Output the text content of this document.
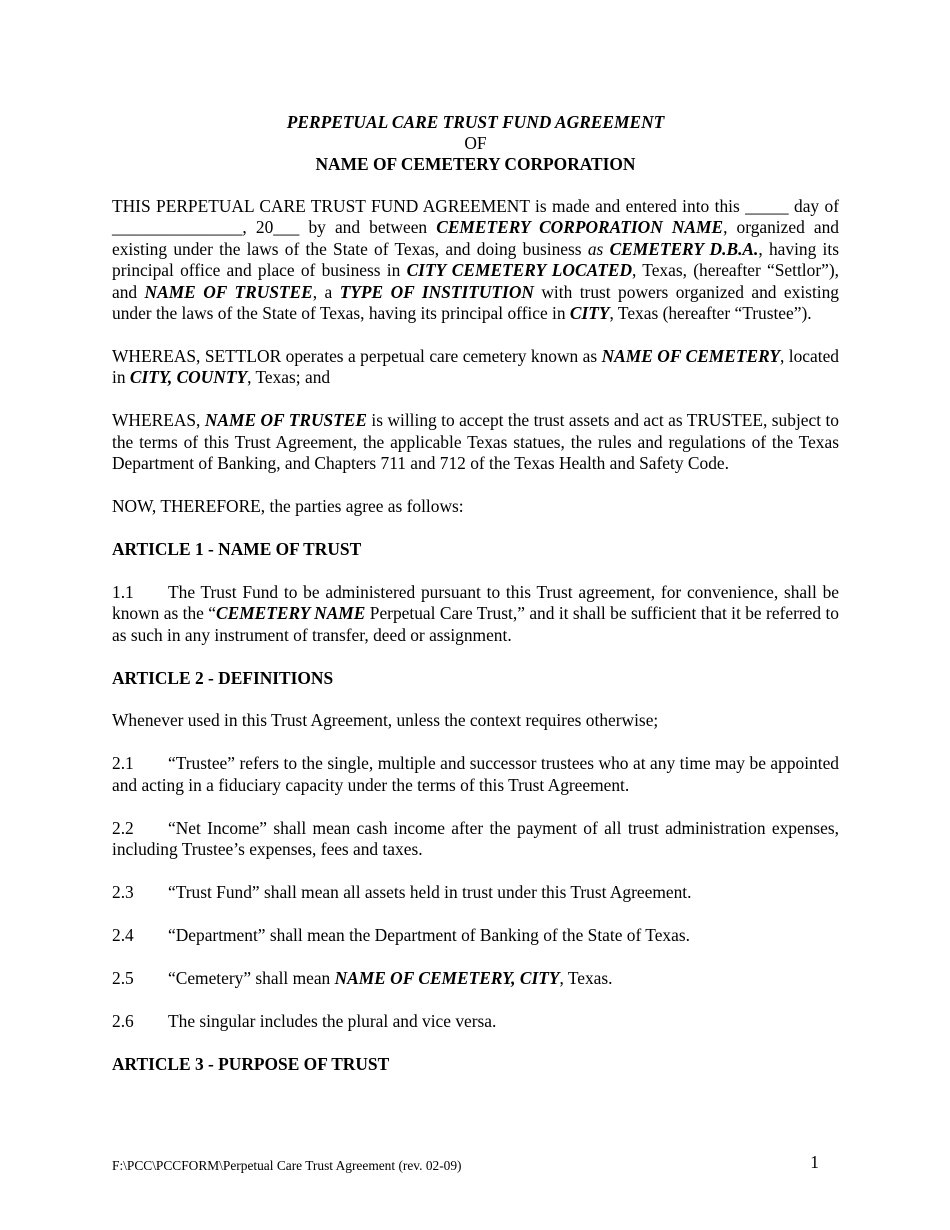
PERPETUAL CARE TRUST FUND AGREEMENT
OF
NAME OF CEMETERY CORPORATION

THIS PERPETUAL CARE TRUST FUND AGREEMENT is made and entered into this _____ day of _______________, 20___ by and between CEMETERY CORPORATION NAME, organized and existing under the laws of the State of Texas, and doing business as CEMETERY D.B.A., having its principal office and place of business in CITY CEMETERY LOCATED, Texas, (hereafter “Settlor”), and NAME OF TRUSTEE, a TYPE OF INSTITUTION with trust powers organized and existing under the laws of the State of Texas, having its principal office in CITY, Texas (hereafter “Trustee”).

WHEREAS, SETTLOR operates a perpetual care cemetery known as NAME OF CEMETERY, located in CITY, COUNTY, Texas; and

WHEREAS, NAME OF TRUSTEE is willing to accept the trust assets and act as TRUSTEE, subject to the terms of this Trust Agreement, the applicable Texas statues, the rules and regulations of the Texas Department of Banking, and Chapters 711 and 712 of the Texas Health and Safety Code.

NOW, THEREFORE, the parties agree as follows:

ARTICLE 1 - NAME OF TRUST

1.1 The Trust Fund to be administered pursuant to this Trust agreement, for convenience, shall be known as the “CEMETERY NAME Perpetual Care Trust,” and it shall be sufficient that it be referred to as such in any instrument of transfer, deed or assignment.

ARTICLE 2 - DEFINITIONS

Whenever used in this Trust Agreement, unless the context requires otherwise;

2.1 “Trustee” refers to the single, multiple and successor trustees who at any time may be appointed and acting in a fiduciary capacity under the terms of this Trust Agreement.

2.2 “Net Income” shall mean cash income after the payment of all trust administration expenses, including Trustee’s expenses, fees and taxes.

2.3 “Trust Fund” shall mean all assets held in trust under this Trust Agreement.

2.4 “Department” shall mean the Department of Banking of the State of Texas.

2.5 “Cemetery” shall mean NAME OF CEMETERY, CITY, Texas.

2.6 The singular includes the plural and vice versa.

ARTICLE 3 - PURPOSE OF TRUST
F:\PCC\PCCFORM\Perpetual Care Trust Agreement (rev. 02-09)	1
